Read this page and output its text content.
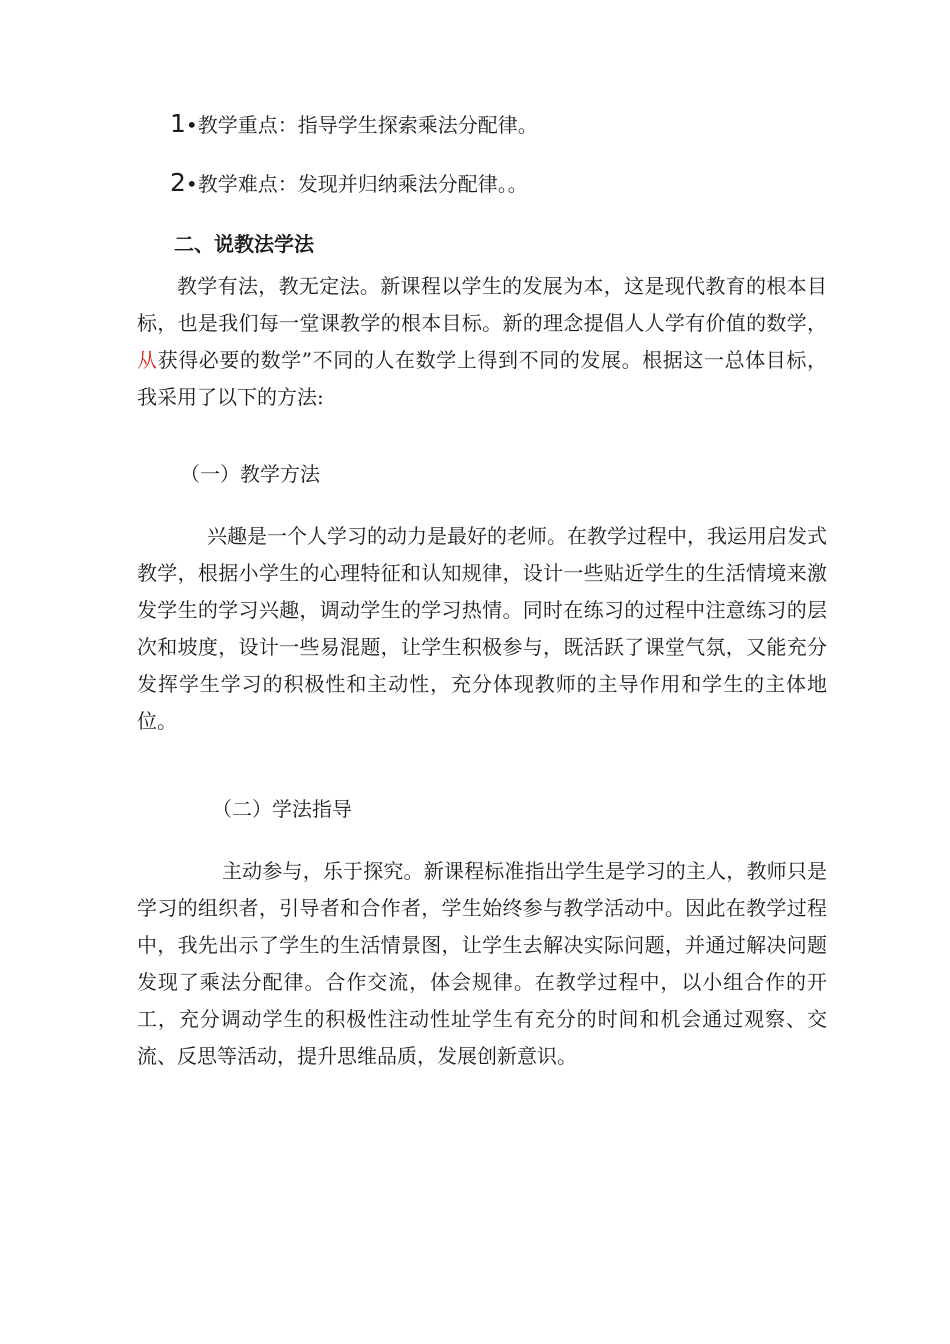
1•教学重点：指导学生探索乘法分配律。
2•教学难点：发现并归纳乘法分配律。。
二、说教法学法
教学有法，教无定法。新课程以学生的发展为本，这是现代教育的根本目标，也是我们每一堂课教学的根本目标。新的理念提倡人人学有价值的数学，从获得必要的数学”不同的人在数学上得到不同的发展。根据这一总体目标，我采用了以下的方法:
（一）教学方法
兴趣是一个人学习的动力是最好的老师。在教学过程中，我运用启发式教学，根据小学生的心理特征和认知规律，设计一些贴近学生的生活情境来激发学生的学习兴趣，调动学生的学习热情。同时在练习的过程中注意练习的层次和坡度，设计一些易混题，让学生积极参与，既活跃了课堂气氛，又能充分发挥学生学习的积极性和主动性，充分体现教师的主导作用和学生的主体地位。
（二）学法指导
主动参与，乐于探究。新课程标准指出学生是学习的主人，教师只是学习的组织者，引导者和合作者，学生始终参与教学活动中。因此在教学过程中，我先出示了学生的生活情景图，让学生去解决实际问题，并通过解决问题发现了乘法分配律。合作交流，体会规律。在教学过程中，以小组合作的开工，充分调动学生的积极性注动性址学生有充分的时间和机会通过观察、交流、反思等活动，提升思维品质，发展创新意识。
